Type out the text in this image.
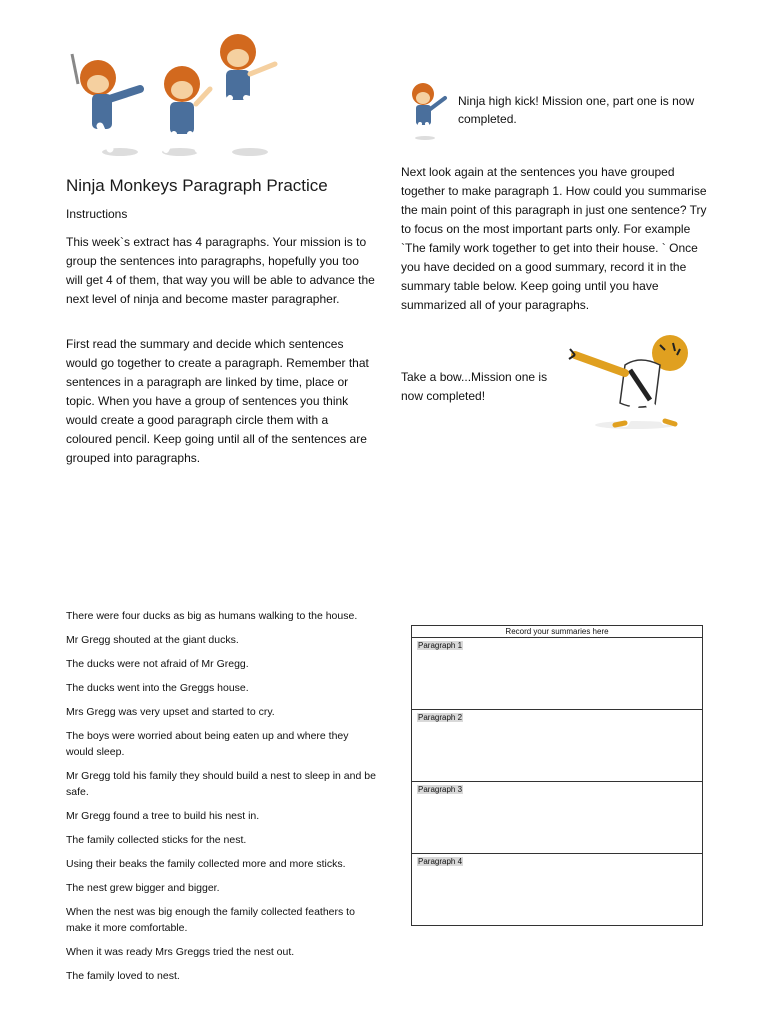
Ninja Monkeys Paragraph Practice
Instructions
This week`s extract has 4 paragraphs. Your mission is to group the sentences into paragraphs, hopefully you too will get 4 of them, that way you will be able to advance the next level of ninja and become master paragrapher.
First read the summary and decide which sentences would go together to create a paragraph. Remember that sentences in a paragraph are linked by time, place or topic. When you have a group of sentences you think would create a good paragraph circle them with a coloured pencil. Keep going until all of the sentences are grouped into paragraphs.
Ninja high kick! Mission one, part one is now completed.
Next look again at the sentences you have grouped together to make paragraph 1. How could you summarise the main point of this paragraph in just one sentence? Try to focus on the most important parts only. For example `The family work together to get into their house. ` Once you have decided on a good summary, record it in the summary table below. Keep going until you have summarized all of your paragraphs.
Take a bow...Mission one is now completed!
There were four ducks as big as humans walking to the house.
Mr Gregg shouted at the giant ducks.
The ducks were not afraid of Mr Gregg.
The ducks went into the Greggs house.
Mrs Gregg was very upset and started to cry.
The boys were worried about being eaten up and where they would sleep.
Mr Gregg told his family they should build a nest to sleep in and be safe.
Mr Gregg found a tree to build his nest in.
The family collected sticks for the nest.
Using their beaks the family collected more and more sticks.
The nest grew bigger and bigger.
When the nest was big enough the family collected feathers to make it more comfortable.
When it was ready Mrs Greggs tried the nest out.
The family loved to nest.
Record your summaries here
Paragraph 1
Paragraph 2
Paragraph 3
Paragraph 4
